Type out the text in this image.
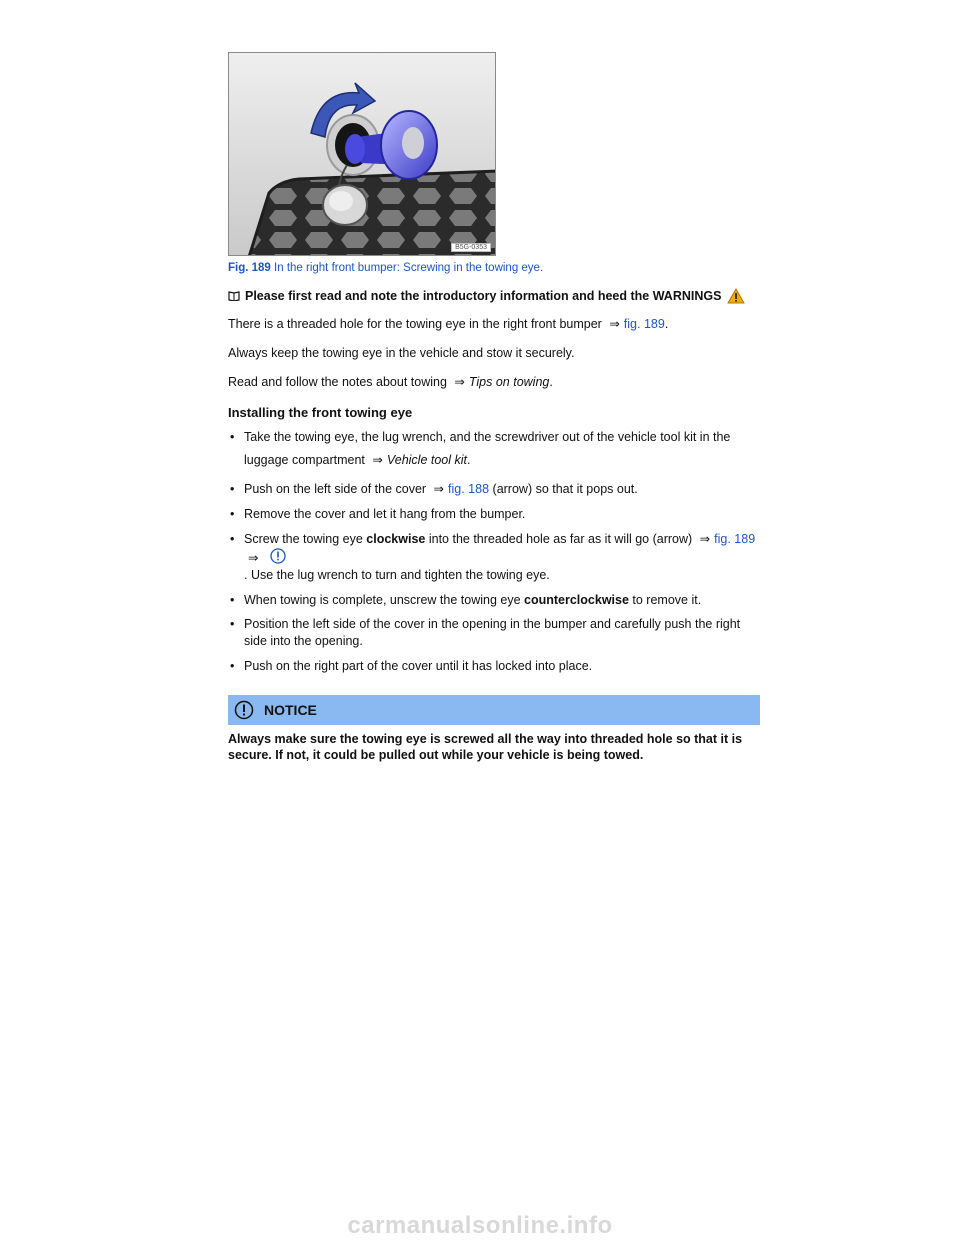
B5G-0353
Fig. 189 In the right front bumper: Screwing in the towing eye.
Please first read and note the introductory information and heed the WARNINGS

There is a threaded hole for the towing eye in the right front bumper ⇒ fig. 189.

Always keep the towing eye in the vehicle and stow it securely.

Read and follow the notes about towing ⇒ Tips on towing.

Installing the front towing eye
• Take the towing eye, the lug wrench, and the screwdriver out of the vehicle tool kit in the luggage compartment ⇒ Vehicle tool kit.
• Push on the left side of the cover ⇒ fig. 188 (arrow) so that it pops out.
• Remove the cover and let it hang from the bumper.
• Screw the towing eye clockwise into the threaded hole as far as it will go (arrow) ⇒ fig. 189 ⇒
. Use the lug wrench to turn and tighten the towing eye.
• When towing is complete, unscrew the towing eye counterclockwise to remove it.
• Position the left side of the cover in the opening in the bumper and carefully push the right side into the opening.
• Push on the right part of the cover until it has locked into place.
NOTICE
Always make sure the towing eye is screwed all the way into threaded hole so that it is secure. If not, it could be pulled out while your vehicle is being towed.
carmanualsonline.info
